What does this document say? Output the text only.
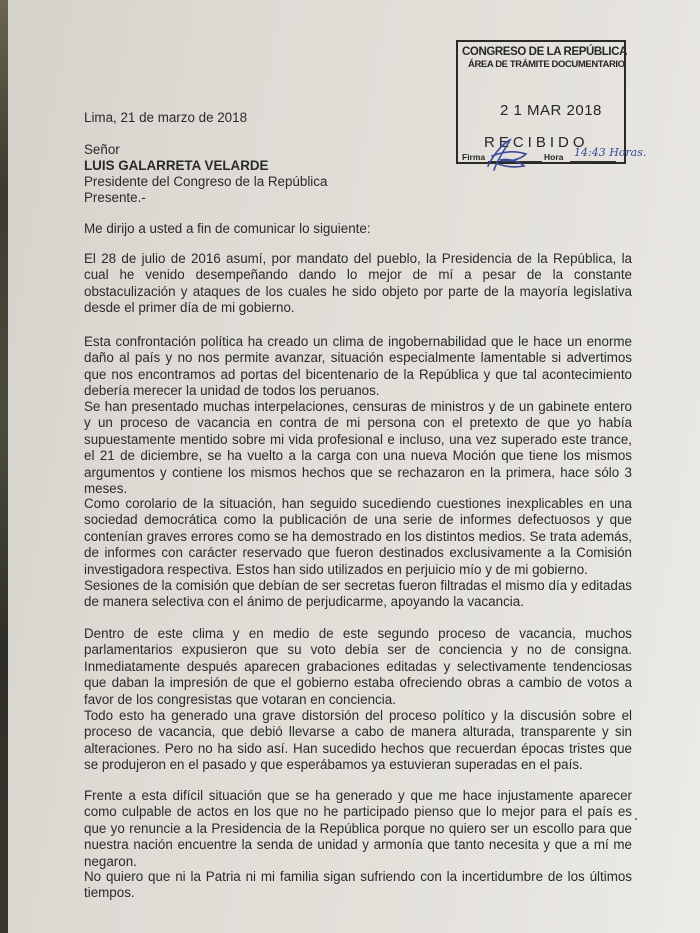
CONGRESO DE LA REPÚBLICA
ÁREA DE TRÁMITE DOCUMENTARIO
2 1 MAR 2018
RECIBIDO
Firma	Hora 14:43 Horas.
Lima, 21 de marzo de 2018
Señor
LUIS GALARRETA VELARDE
Presidente del Congreso de la República
Presente.-
Me dirijo a usted a fin de comunicar lo siguiente:
El 28 de julio de 2016 asumí, por mandato del pueblo, la Presidencia de la República, la cual he venido desempeñando dando lo mejor de mí a pesar de la constante obstaculización y ataques de los cuales he sido objeto por parte de la mayoría legislativa desde el primer día de mi gobierno.
Esta confrontación política ha creado un clima de ingobernabilidad que le hace un enorme daño al país y no nos permite avanzar, situación especialmente lamentable si advertimos que nos encontramos ad portas del bicentenario de la República y que tal acontecimiento debería merecer la unidad de todos los peruanos.
Se han presentado muchas interpelaciones, censuras de ministros y de un gabinete entero y un proceso de vacancia en contra de mi persona con el pretexto de que yo había supuestamente mentido sobre mi vida profesional e incluso, una vez superado este trance, el 21 de diciembre, se ha vuelto a la carga con una nueva Moción que tiene los mismos argumentos y contiene los mismos hechos que se rechazaron en la primera, hace sólo 3 meses.
Como corolario de la situación, han seguido sucediendo cuestiones inexplicables en una sociedad democrática como la publicación de una serie de informes defectuosos y que contenían graves errores como se ha demostrado en los distintos medios. Se trata además, de informes con carácter reservado que fueron destinados exclusivamente a la Comisión investigadora respectiva. Estos han sido utilizados en perjuicio mío y de mi gobierno.
Sesiones de la comisión que debían de ser secretas fueron filtradas el mismo día y editadas de manera selectiva con el ánimo de perjudicarme, apoyando la vacancia.
Dentro de este clima y en medio de este segundo proceso de vacancia, muchos parlamentarios expusieron que su voto debía ser de conciencia y no de consigna. Inmediatamente después aparecen grabaciones editadas y selectivamente tendenciosas que daban la impresión de que el gobierno estaba ofreciendo obras a cambio de votos a favor de los congresistas que votaran en conciencia.
Todo esto ha generado una grave distorsión del proceso político y la discusión sobre el proceso de vacancia, que debió llevarse a cabo de manera alturada, transparente y sin alteraciones. Pero no ha sido así. Han sucedido hechos que recuerdan épocas tristes que se produjeron en el pasado y que esperábamos ya estuvieran superadas en el país.
Frente a esta difícil situación que se ha generado y que me hace injustamente aparecer como culpable de actos en los que no he participado pienso que lo mejor para el país es que yo renuncie a la Presidencia de la República porque no quiero ser un escollo para que nuestra nación encuentre la senda de unidad y armonía que tanto necesita y que a mí me negaron.
No quiero que ni la Patria ni mi familia sigan sufriendo con la incertidumbre de los últimos tiempos.
